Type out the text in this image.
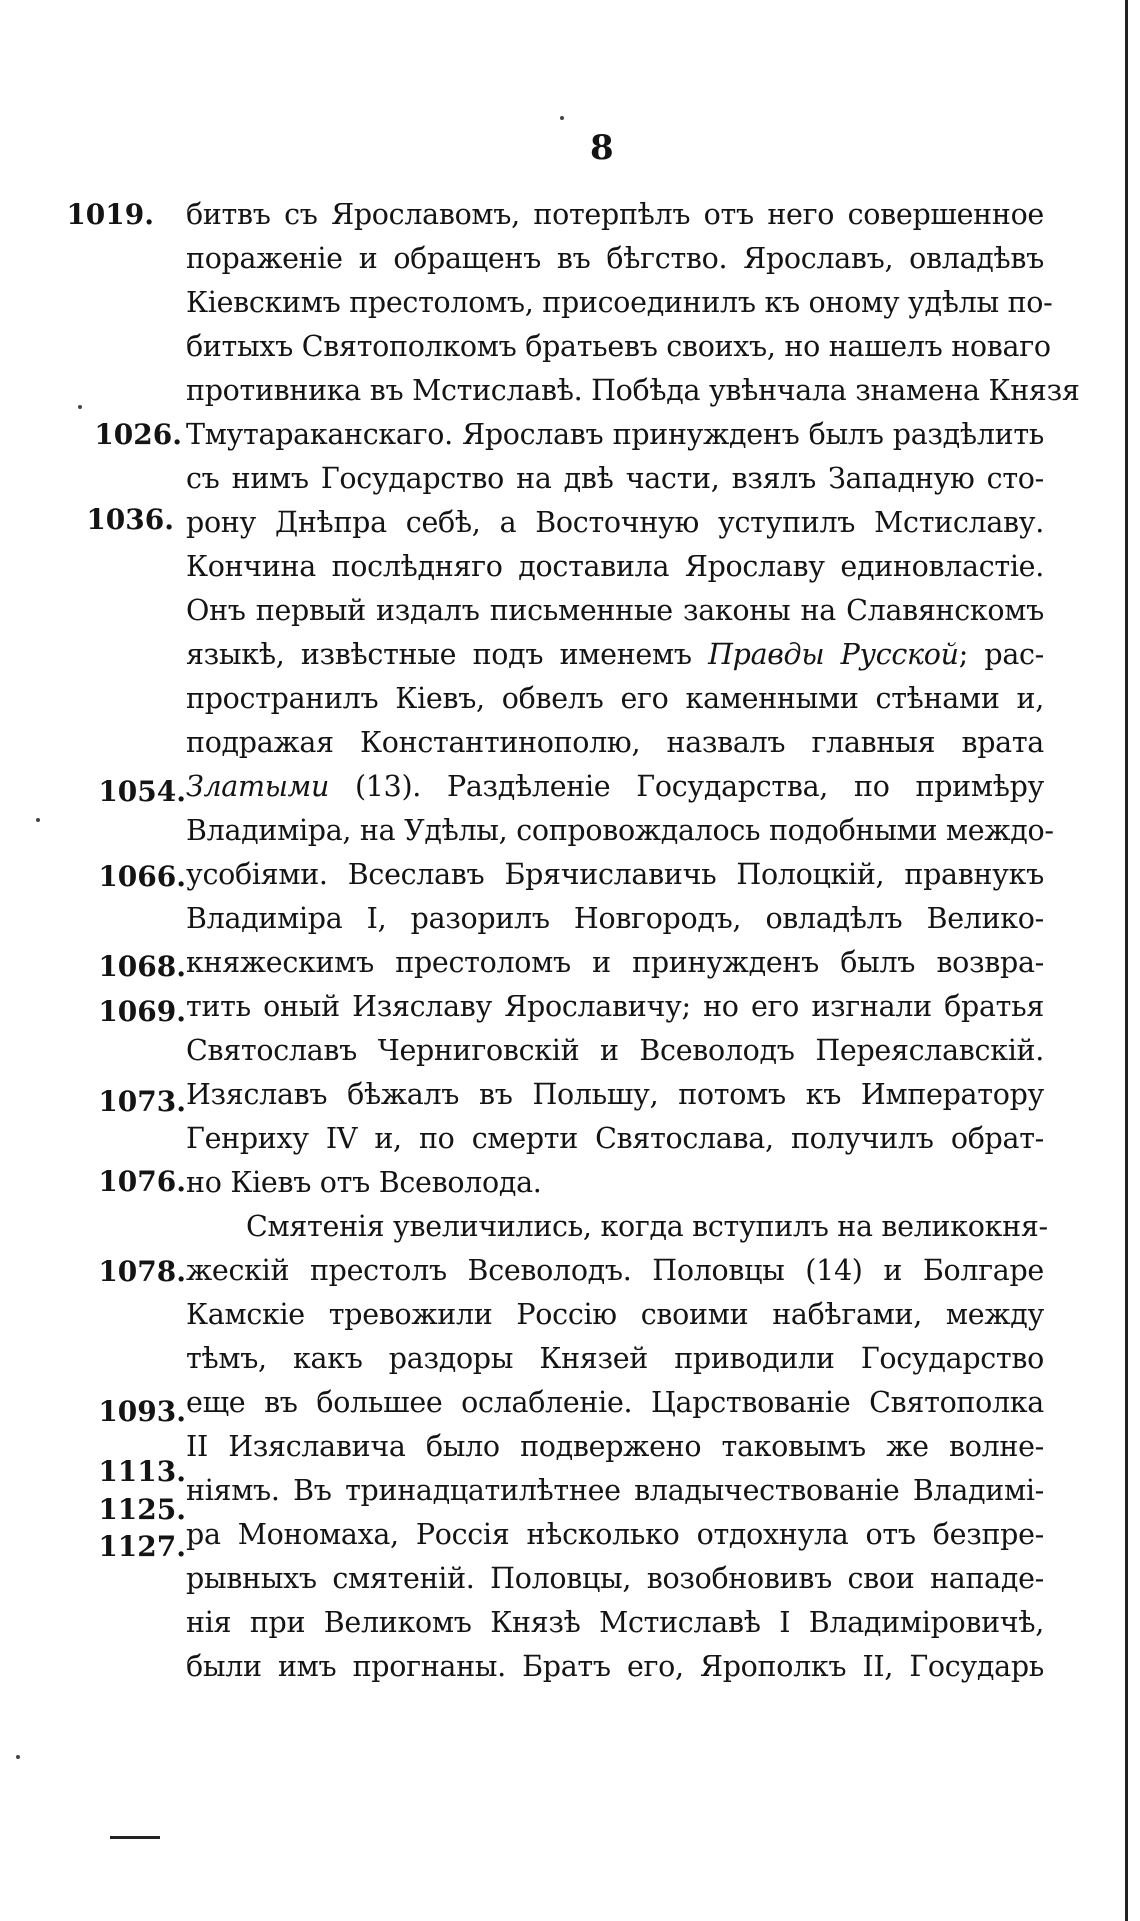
8
1019.
1026.
1036.
1054.
1066.
1068.
1069.
1073.
1076.
1078.
1093.
1113.
1125.
1127.
битвъ съ Ярославомъ, потерпѣлъ отъ него совершенное
пораженіе и обращенъ въ бѣгство. Ярославъ, овладѣвъ
Кіевскимъ престоломъ, присоединилъ къ оному удѣлы по-
битыхъ Святополкомъ братьевъ своихъ, но нашелъ новаго
противника въ Мстиславѣ. Побѣда увѣнчала знамена Князя
Тмутараканскаго. Ярославъ принужденъ былъ раздѣлить
съ нимъ Государство на двѣ части, взялъ Западную сто-
рону Днѣпра себѣ, а Восточную уступилъ Мстиславу.
Кончина послѣдняго доставила Ярославу единовластіе.
Онъ первый издалъ письменные законы на Славянскомъ
языкѣ, извѣстные подъ именемъ Правды Русской; рас-
пространилъ Кіевъ, обвелъ его каменными стѣнами и,
подражая Константинополю, назвалъ главныя врата
Златыми (13). Раздѣленіе Государства, по примѣру
Владиміра, на Удѣлы, сопровождалось подобными междо-
усобіями. Всеславъ Брячиславичь Полоцкій, правнукъ
Владиміра I, разорилъ Новгородъ, овладѣлъ Велико-
княжескимъ престоломъ и принужденъ былъ возвра-
тить оный Изяславу Ярославичу; но его изгнали братья
Святославъ Черниговскій и Всеволодъ Переяславскій.
Изяславъ бѣжалъ въ Польшу, потомъ къ Императору
Генриху IV и, по смерти Святослава, получилъ обрат-
но Кіевъ отъ Всеволода.
Смятенія увеличились, когда вступилъ на великокня-
жескій престолъ Всеволодъ. Половцы (14) и Болгаре
Камскіе тревожили Россію своими набѣгами, между
тѣмъ, какъ раздоры Князей приводили Государство
еще въ большее ослабленіе. Царствованіе Святополка
II Изяславича было подвержено таковымъ же волне-
ніямъ. Въ тринадцатилѣтнее владычествованіе Владимі-
ра Мономаха, Россія нѣсколько отдохнула отъ безпре-
рывныхъ смятеній. Половцы, возобновивъ свои нападе-
нія при Великомъ Князѣ Мстиславѣ I Владиміровичѣ,
были имъ прогнаны. Братъ его, Ярополкъ II, Государь
